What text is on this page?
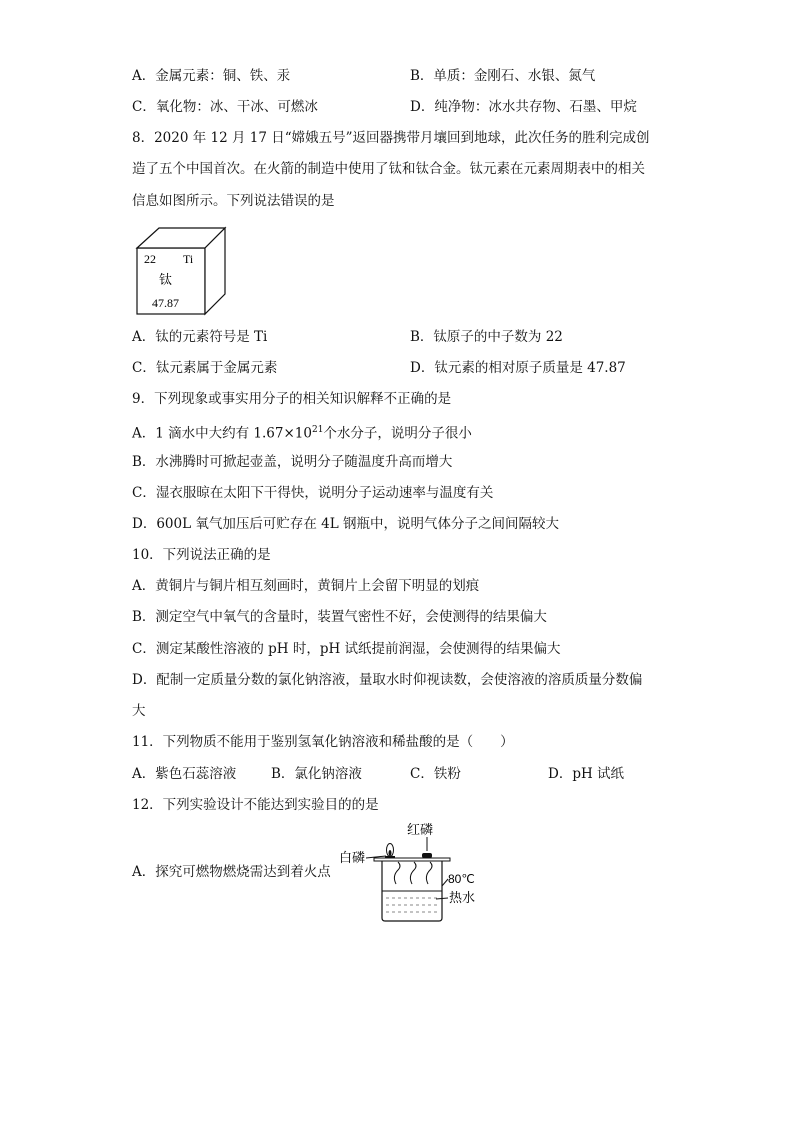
A．金属元素：铜、铁、汞	B．单质：金刚石、水银、氮气
C．氧化物：冰、干冰、可燃冰	D．纯净物：冰水共存物、石墨、甲烷
8．2020 年 12 月 17 日“嫦娥五号”返回器携带月壤回到地球，此次任务的胜利完成创
造了五个中国首次。在火箭的制造中使用了钛和钛合金。钛元素在元素周期表中的相关
信息如图所示。下列说法错误的是
22 Ti
钛
47.87
A．钛的元素符号是 Ti	B．钛原子的中子数为 22
C．钛元素属于金属元素	D．钛元素的相对原子质量是 47.87
9．下列现象或事实用分子的相关知识解释不正确的是
A．1 滴水中大约有 $1.67\times 10^{21}$个水分子，说明分子很小
B．水沸腾时可掀起壶盖，说明分子随温度升高而增大
C．湿衣服晾在太阳下干得快，说明分子运动速率与温度有关
D．600L 氧气加压后可贮存在 4L 钢瓶中，说明气体分子之间间隔较大
10．下列说法正确的是
A．黄铜片与铜片相互刻画时，黄铜片上会留下明显的划痕
B．测定空气中氧气的含量时，装置气密性不好，会使测得的结果偏大
C．测定某酸性溶液的 pH 时，pH 试纸提前润湿，会使测得的结果偏大
D．配制一定质量分数的氯化钠溶液，量取水时仰视读数，会使溶液的溶质质量分数偏
大
11．下列物质不能用于鉴别氢氧化钠溶液和稀盐酸的是（　　）
A．紫色石蕊溶液	B．氯化钠溶液	C．铁粉	D．pH 试纸
12．下列实验设计不能达到实验目的的是
A．探究可燃物燃烧需达到着火点
红磷
白磷
80℃
热水
